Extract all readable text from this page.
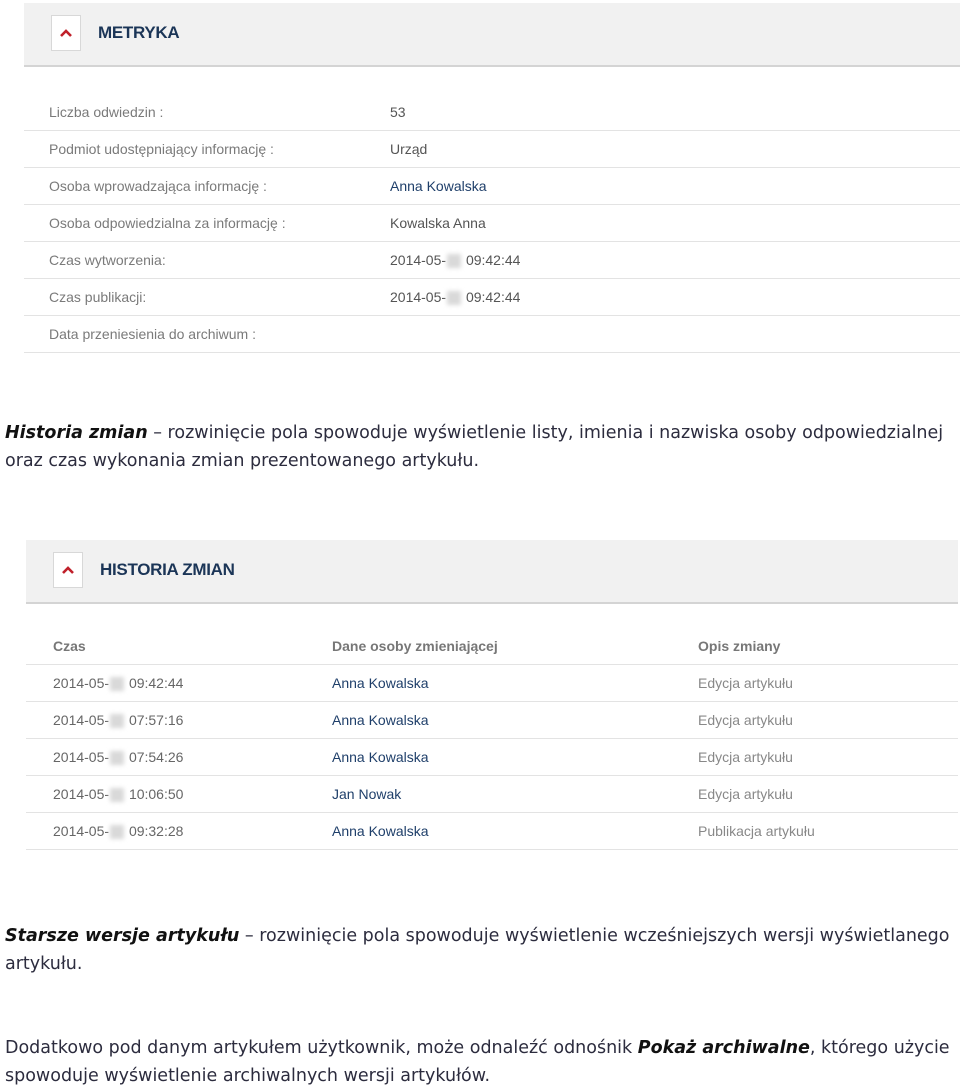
METRYKA
Liczba odwiedzin :	53
Podmiot udostępniający informację :	Urząd
Osoba wprowadzająca informację :	Anna Kowalska
Osoba odpowiedzialna za informację :	Kowalska Anna
Czas wytworzenia:	2014-05- 09:42:44
Czas publikacji:	2014-05- 09:42:44
Data przeniesienia do archiwum :

Historia zmian – rozwinięcie pola spowoduje wyświetlenie listy, imienia i nazwiska osoby odpowiedzialnej oraz czas wykonania zmian prezentowanego artykułu.

HISTORIA ZMIAN
Czas	Dane osoby zmieniającej	Opis zmiany
2014-05- 09:42:44	Anna Kowalska	Edycja artykułu
2014-05- 07:57:16	Anna Kowalska	Edycja artykułu
2014-05- 07:54:26	Anna Kowalska	Edycja artykułu
2014-05- 10:06:50	Jan Nowak	Edycja artykułu
2014-05- 09:32:28	Anna Kowalska	Publikacja artykułu

Starsze wersje artykułu – rozwinięcie pola spowoduje wyświetlenie wcześniejszych wersji wyświetlanego artykułu.

Dodatkowo pod danym artykułem użytkownik, może odnaleźć odnośnik Pokaż archiwalne, którego użycie spowoduje wyświetlenie archiwalnych wersji artykułów.
